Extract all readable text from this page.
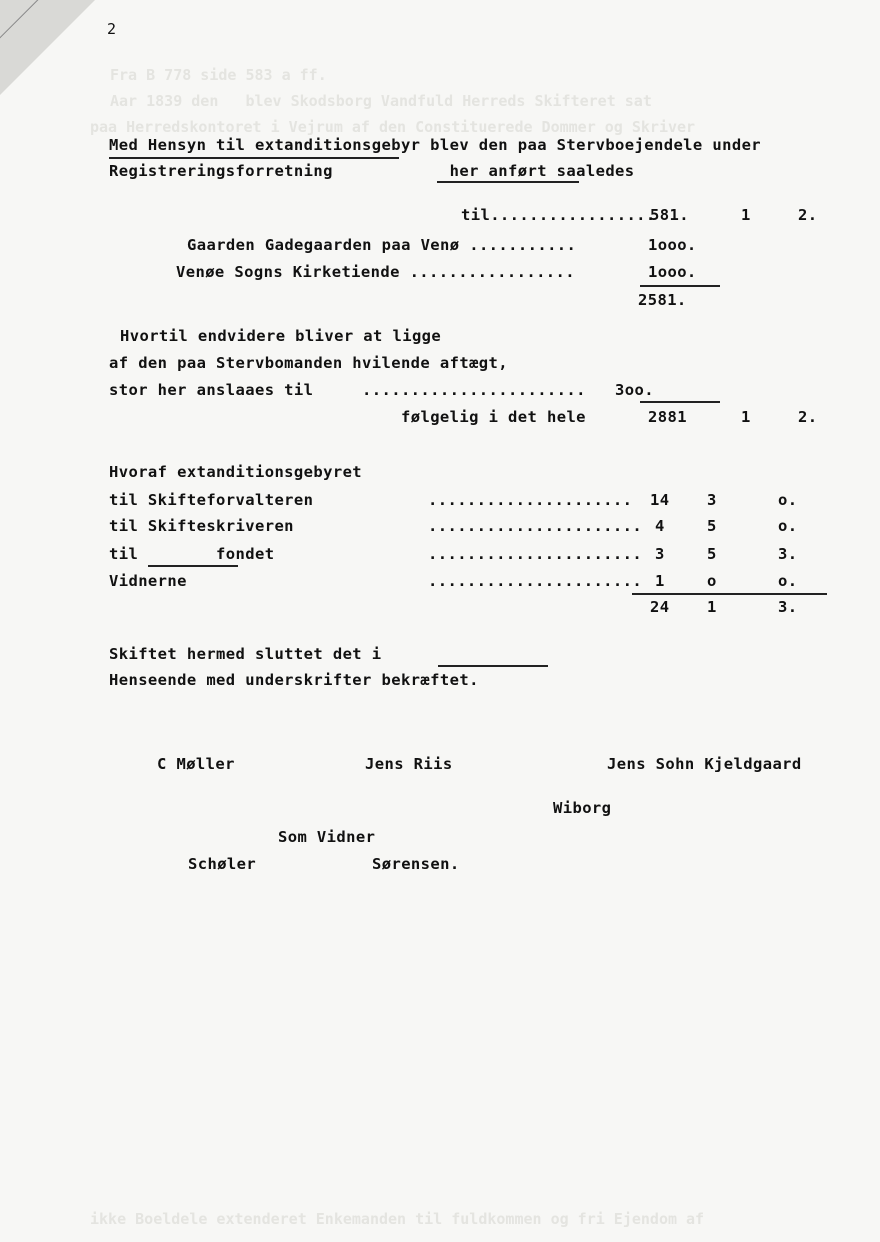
Fra B 778 side 583 a ff.
Aar 1839 den   blev Skodsborg Vandfuld Herreds Skifteret sat
paa Herredskontoret i Vejrum af den Constituerede Dommer og Skriver
ikke Boeldele extenderet Enkemanden til fuldkommen og fri Ejendom af
2
Med Hensyn til extanditionsgebyr blev den paa Stervboejendele under
Registreringsforretning            her anført saaledes
til.................
581.	1	2.
Gaarden Gadegaarden paa Venø ...........	1ooo.
Venøe Sogns Kirketiende .................	1ooo.
2581.
Hvortil endvidere bliver at ligge
af den paa Stervbomanden hvilende aftægt,
stor her anslaaes til     .......................   3oo.
følgelig i det hele	2881	1	2.
Hvoraf extanditionsgebyret
til Skifteforvalteren	..................... 14 3	o.
til Skifteskriveren	...................... 4	5	o.
til        fondet	...................... 3	5	3.
Vidnerne	...................... 1	o	o.
24 1	3.
Skiftet hermed sluttet det i
Henseende med underskrifter bekræftet.
C Møller	Jens Riis	Jens Sohn Kjeldgaard
Wiborg
Som Vidner
Schøler	Sørensen.
